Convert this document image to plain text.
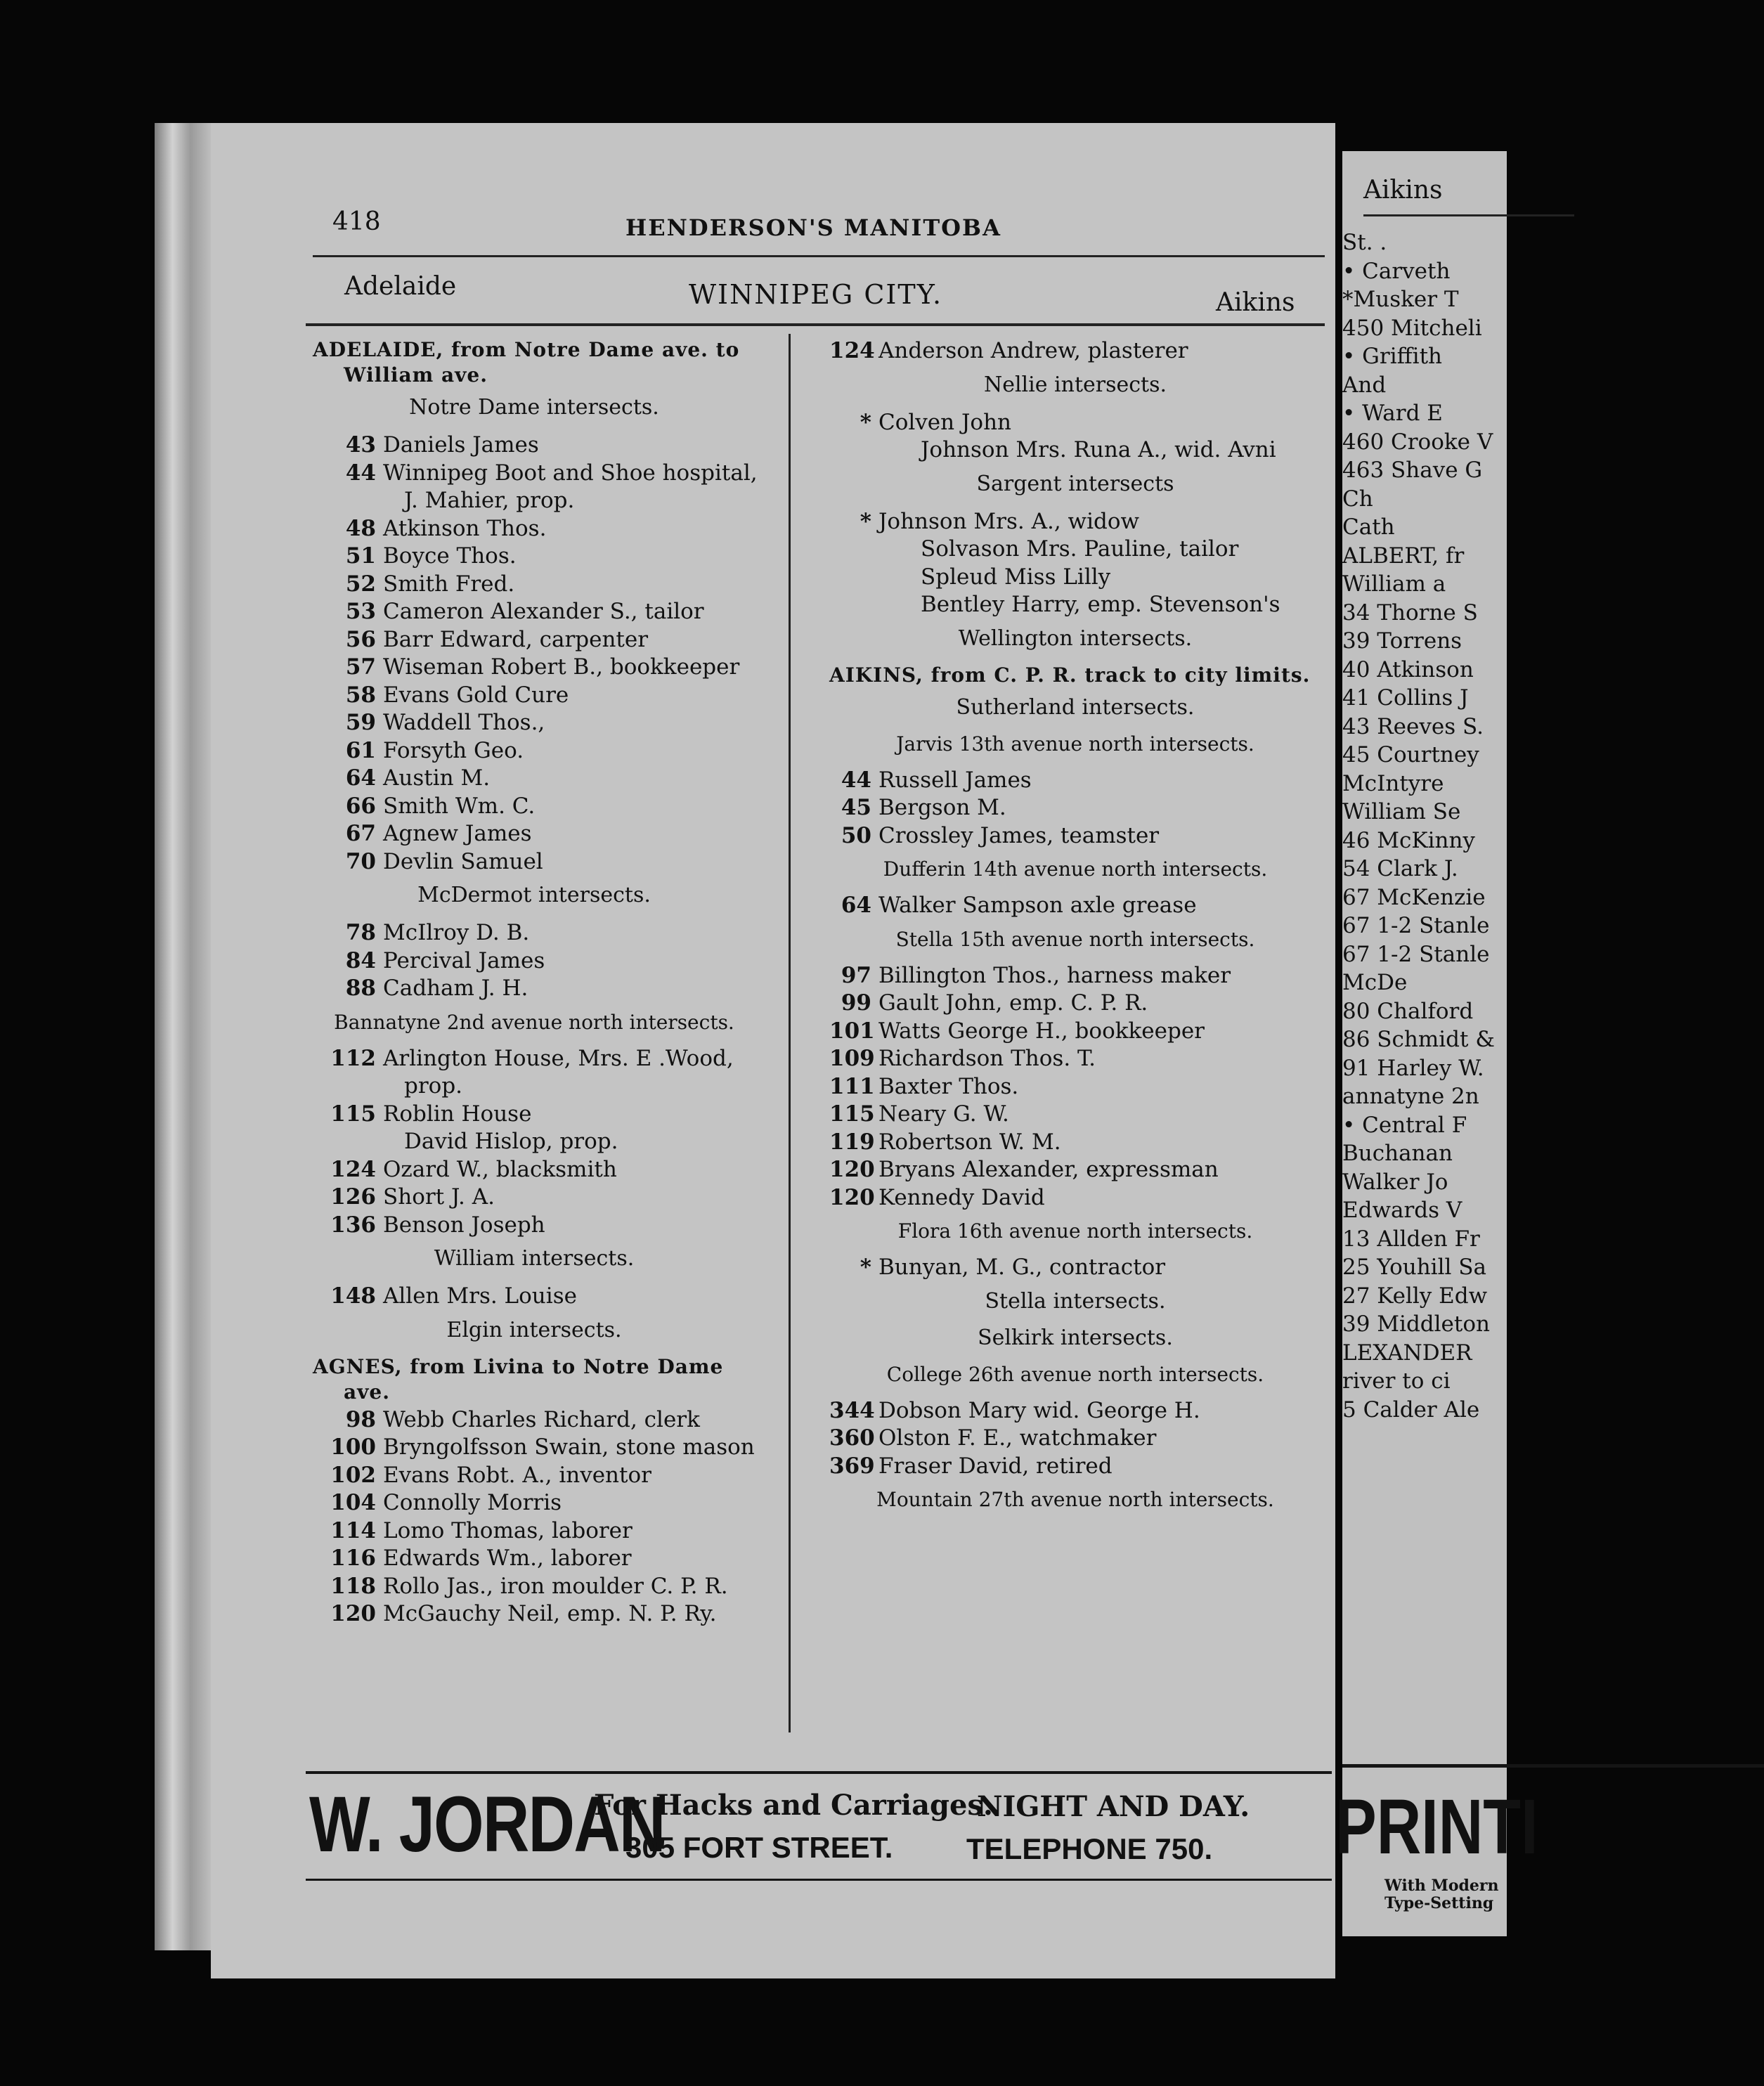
418	HENDERSON'S MANITOBA
Adelaide	WINNIPEG CITY.	Aikins
ADELAIDE, from Notre Dame ave. to William ave.
Notre Dame intersects.
43 Daniels James
44 Winnipeg Boot and Shoe hospital,
J. Mahier, prop.
48 Atkinson Thos.
51 Boyce Thos.
52 Smith Fred.
53 Cameron Alexander S., tailor
56 Barr Edward, carpenter
57 Wiseman Robert B., bookkeeper
58 Evans Gold Cure
59 Waddell Thos.,
61 Forsyth Geo.
64 Austin M.
66 Smith Wm. C.
67 Agnew James
70 Devlin Samuel
McDermot intersects.
78 McIlroy D. B.
84 Percival James
88 Cadham J. H.
Bannatyne 2nd avenue north intersects.
112 Arlington House, Mrs. E .Wood,
prop.
115 Roblin House
David Hislop, prop.
124 Ozard W., blacksmith
126 Short J. A.
136 Benson Joseph
William intersects.
148 Allen Mrs. Louise
Elgin intersects.
AGNES, from Livina to Notre Dame ave.
98 Webb Charles Richard, clerk
100 Bryngolfsson Swain, stone mason
102 Evans Robt. A., inventor
104 Connolly Morris
114 Lomo Thomas, laborer
116 Edwards Wm., laborer
118 Rollo Jas., iron moulder C. P. R.
120 McGauchy Neil, emp. N. P. Ry.
124 Anderson Andrew, plasterer
Nellie intersects.
* Colven John
Johnson Mrs. Runa A., wid. Avni
Sargent intersects
* Johnson Mrs. A., widow
Solvason Mrs. Pauline, tailor
Spleud Miss Lilly
Bentley Harry, emp. Stevenson's
Wellington intersects.
AIKINS, from C. P. R. track to city limits.
Sutherland intersects.
Jarvis 13th avenue north intersects.
44 Russell James
45 Bergson M.
50 Crossley James, teamster
Dufferin 14th avenue north intersects.
64 Walker Sampson axle grease
Stella 15th avenue north intersects.
97 Billington Thos., harness maker
99 Gault John, emp. C. P. R.
101 Watts George H., bookkeeper
109 Richardson Thos. T.
111 Baxter Thos.
115 Neary G. W.
119 Robertson W. M.
120 Bryans Alexander, expressman
120 Kennedy David
Flora 16th avenue north intersects.
* Bunyan, M. G., contractor
Stella intersects.
Selkirk intersects.
College 26th avenue north intersects.
344 Dobson Mary wid. George H.
360 Olston F. E., watchmaker
369 Fraser David, retired
Mountain 27th avenue north intersects.
W. JORDAN
For Hacks and Carriages.
305 FORT STREET.
NIGHT AND DAY.
TELEPHONE 750.
Aikins
St. .
• Carveth
*Musker T
450 Mitcheli
• Griffith
And
• Ward E
460 Crooke V
463 Shave G
Ch
Cath
ALBERT, fr
William a
34 Thorne S
39 Torrens
40 Atkinson
41 Collins J
43 Reeves S.
45 Courtney
McIntyre
William Se
46 McKinny
54 Clark J.
67 McKenzie
67 1-2 Stanle
67 1-2 Stanle
McDe
80 Chalford
86 Schmidt &
91 Harley W.
annatyne 2n
• Central F
Buchanan
Walker Jo
Edwards V
13 Allden Fr
25 Youhill Sa
27 Kelly Edw
39 Middleton
LEXANDER
river to ci
5 Calder Ale
PRINTI
With Modern
Type-Setting
